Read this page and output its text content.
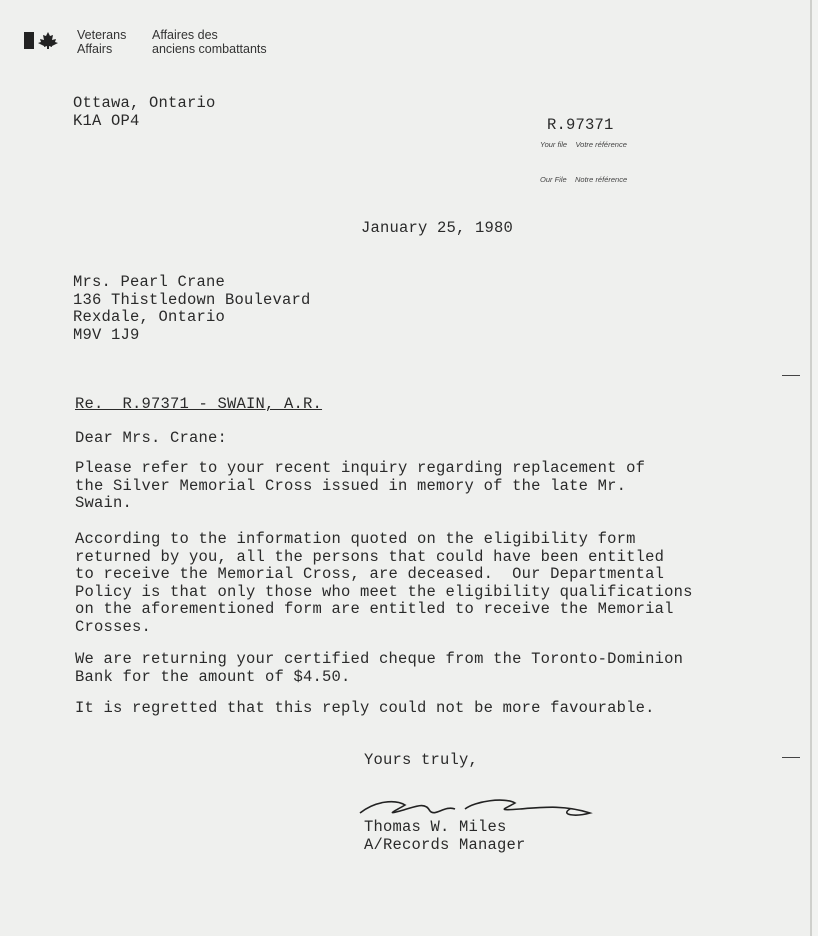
Veterans
Affairs
Affaires des
anciens combattants
Ottawa, Ontario
K1A OP4	R.97371
Your file Votre référence
Our File Notre référence
January 25, 1980
Mrs. Pearl Crane
136 Thistledown Boulevard
Rexdale, Ontario
M9V 1J9
Re.  R.97371 - SWAIN, A.R.
Dear Mrs. Crane:
Please refer to your recent inquiry regarding replacement of
the Silver Memorial Cross issued in memory of the late Mr.
Swain.
According to the information quoted on the eligibility form
returned by you, all the persons that could have been entitled
to receive the Memorial Cross, are deceased.  Our Departmental
Policy is that only those who meet the eligibility qualifications
on the aforementioned form are entitled to receive the Memorial
Crosses.
We are returning your certified cheque from the Toronto-Dominion
Bank for the amount of $4.50.
It is regretted that this reply could not be more favourable.
Yours truly,
Thomas W. Miles
A/Records Manager
